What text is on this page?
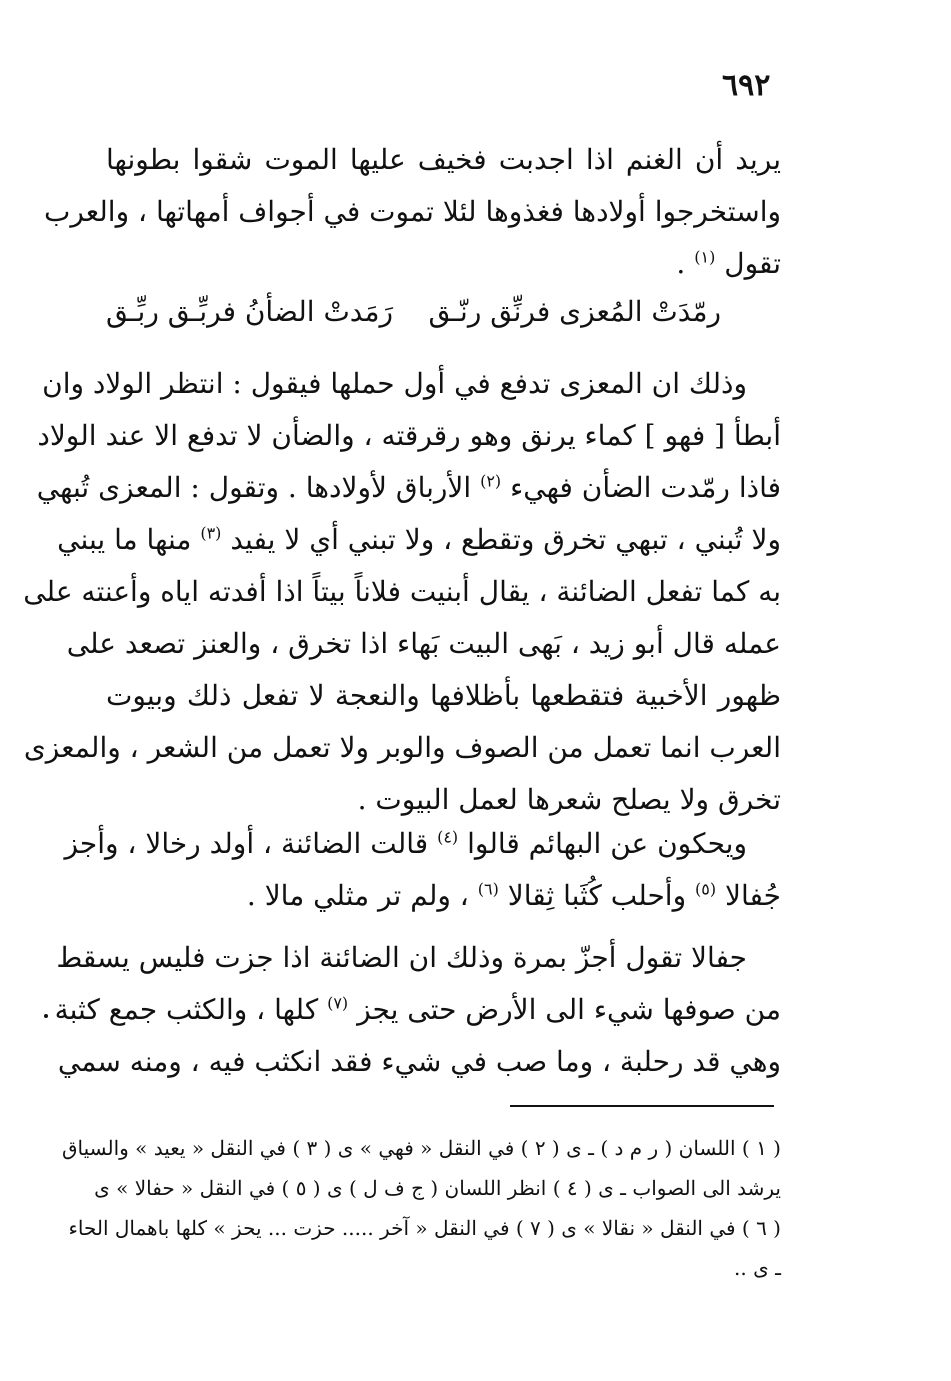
٦٩٢
يريد أن الغنم اذا اجدبت فخيف عليها الموت شقوا بطونها
واستخرجوا أولادها فغذوها لئلا تموت في أجواف أمهاتها ، والعرب
تقول $^{(١)}$ .
رمّدَتْ المُعزى فرنِّق رنّـق
رَمَدتْ الضأنُ فربِّـق ربِّـق
وذلك ان المعزى تدفع في أول حملها فيقول : انتظر الولاد وان
أبطأ [ فهو ] كماء يرنق وهو رقرقته ، والضأن لا تدفع الا عند الولاد
فاذا رمّدت الضأن فهيء $^{(٢)}$ الأرباق لأولادها . وتقول : المعزى تُبهي
ولا تُبني ، تبهي تخرق وتقطع ، ولا تبني أي لا يفيد $^{(٣)}$ منها ما يبني
به كما تفعل الضائنة ، يقال أبنيت فلاناً بيتاً اذا أفدته اياه وأعنته على
عمله قال أبو زيد ، بَهى البيت بَهاء اذا تخرق ، والعنز تصعد على
ظهور الأخبية فتقطعها بأظلافها والنعجة لا تفعل ذلك وبيوت
العرب انما تعمل من الصوف والوبر ولا تعمل من الشعر ، والمعزى
تخرق ولا يصلح شعرها لعمل البيوت .
ويحكون عن البهائم قالوا $^{(٤)}$ قالت الضائنة ، أولد رخالا ، وأجز
جُفالا $^{(٥)}$ وأحلب كُثَبا ثِقالا $^{(٦)}$ ، ولم تر مثلي مالا .
جفالا تقول أجزّ بمرة وذلك ان الضائنة اذا جزت فليس يسقط
من صوفها شيء الى الأرض حتى يجز $^{(٧)}$ كلها ، والكثب جمع كثبة
وهي قد رحلبة ، وما صب في شيء فقد انكثب فيه ، ومنه سمي
( ١ ) اللسان ( ر م د ) ـ ى ( ٢ ) في النقل « فهي » ى ( ٣ ) في النقل « يعيد » والسياق
يرشد الى الصواب ـ ى ( ٤ ) انظر اللسان ( ج ف ل ) ى ( ٥ ) في النقل « حفالا » ى
( ٦ ) في النقل « نقالا » ى ( ٧ ) في النقل « آخر ..... حزت ... يحز » كلها باهمال الحاء
ـ ى ..
